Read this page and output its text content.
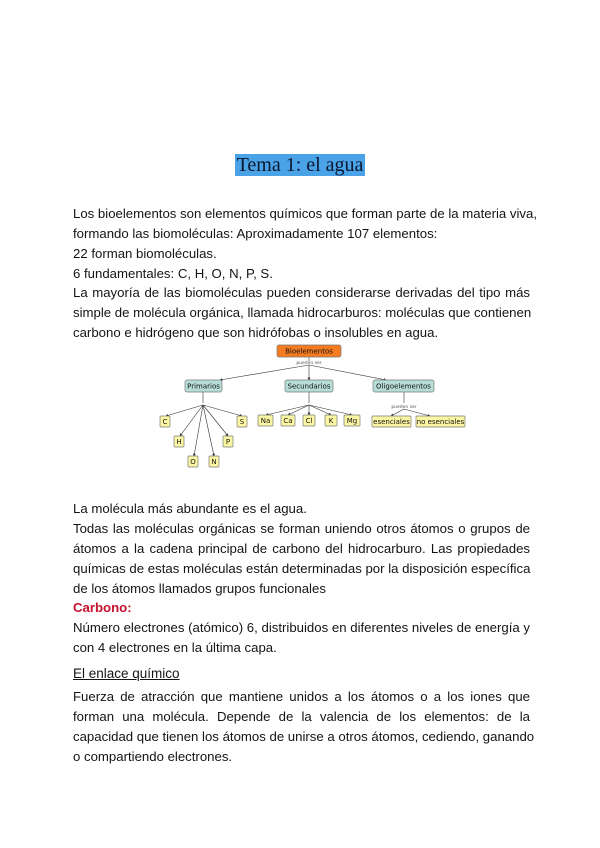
Tema 1: el agua
Los bioelementos son elementos químicos que forman parte de la materia viva,
formando las biomoléculas: Aproximadamente 107 elementos:
22 forman biomoléculas.
6 fundamentales: C, H, O, N, P, S.
La mayoría de las biomoléculas pueden considerarse derivadas del tipo más
simple de molécula orgánica, llamada hidrocarburos: moléculas que contienen
carbono e hidrógeno que son hidrófobas o insolubles en agua.
pueden ser
pueden ser
Bioelementos
Primarios	Secundarios	Oligoelementos
C	S
H	P
O N
Na Ca Cl K Mg esenciales no esenciales
La molécula más abundante es el agua.
Todas las moléculas orgánicas se forman uniendo otros átomos o grupos de
átomos a la cadena principal de carbono del hidrocarburo. Las propiedades
químicas de estas moléculas están determinadas por la disposición específica
de los átomos llamados grupos funcionales
Carbono:
Número electrones (atómico) 6, distribuidos en diferentes niveles de energía y
con 4 electrones en la última capa.
El enlace químico
Fuerza de atracción que mantiene unidos a los átomos o a los iones que
forman una molécula. Depende de la valencia de los elementos: de la
capacidad que tienen los átomos de unirse a otros átomos, cediendo, ganando
o compartiendo electrones.
